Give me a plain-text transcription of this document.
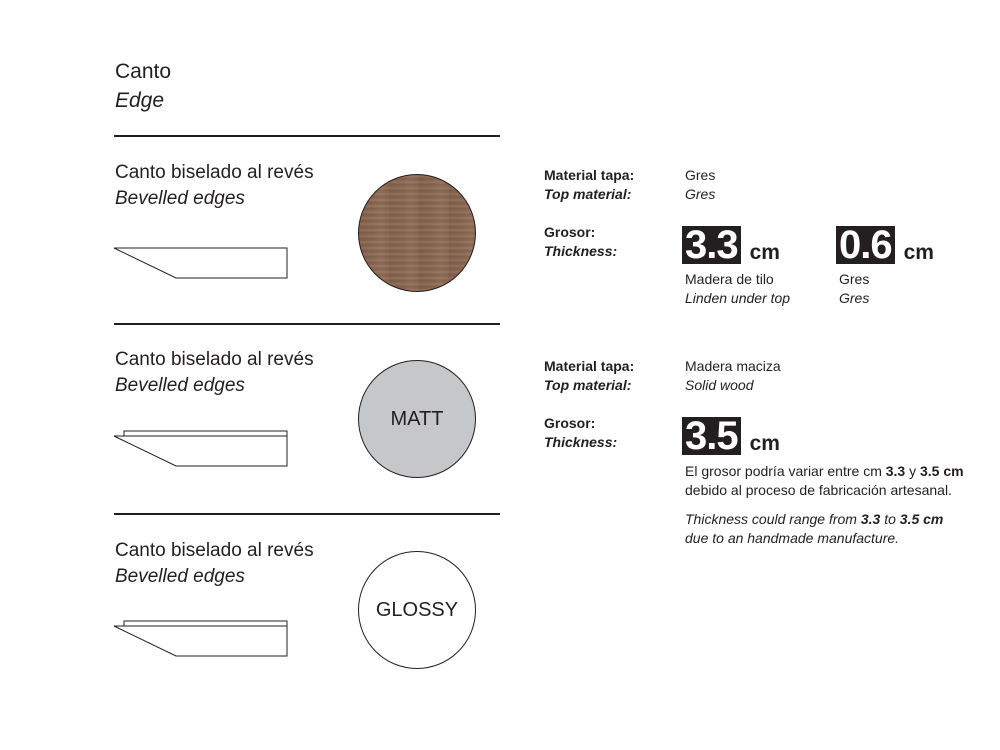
Canto
Edge
Canto biselado al revés
Bevelled edges
Material tapa:
Top material:
Gres
Gres
Grosor:
Thickness: 3.3 cm
Madera de tilo
Linden under top
0.6 cm
Gres
Gres
Canto biselado al revés
Bevelled edges
MATT
Material tapa:
Top material:
Madera maciza
Solid wood
Grosor:
Thickness: 3.5 cm
El grosor podría variar entre cm 3.3 y 3.5 cm
debido al proceso de fabricación artesanal.
Thickness could range from 3.3 to 3.5 cm
due to an handmade manufacture.
Canto biselado al revés
Bevelled edges
GLOSSY
